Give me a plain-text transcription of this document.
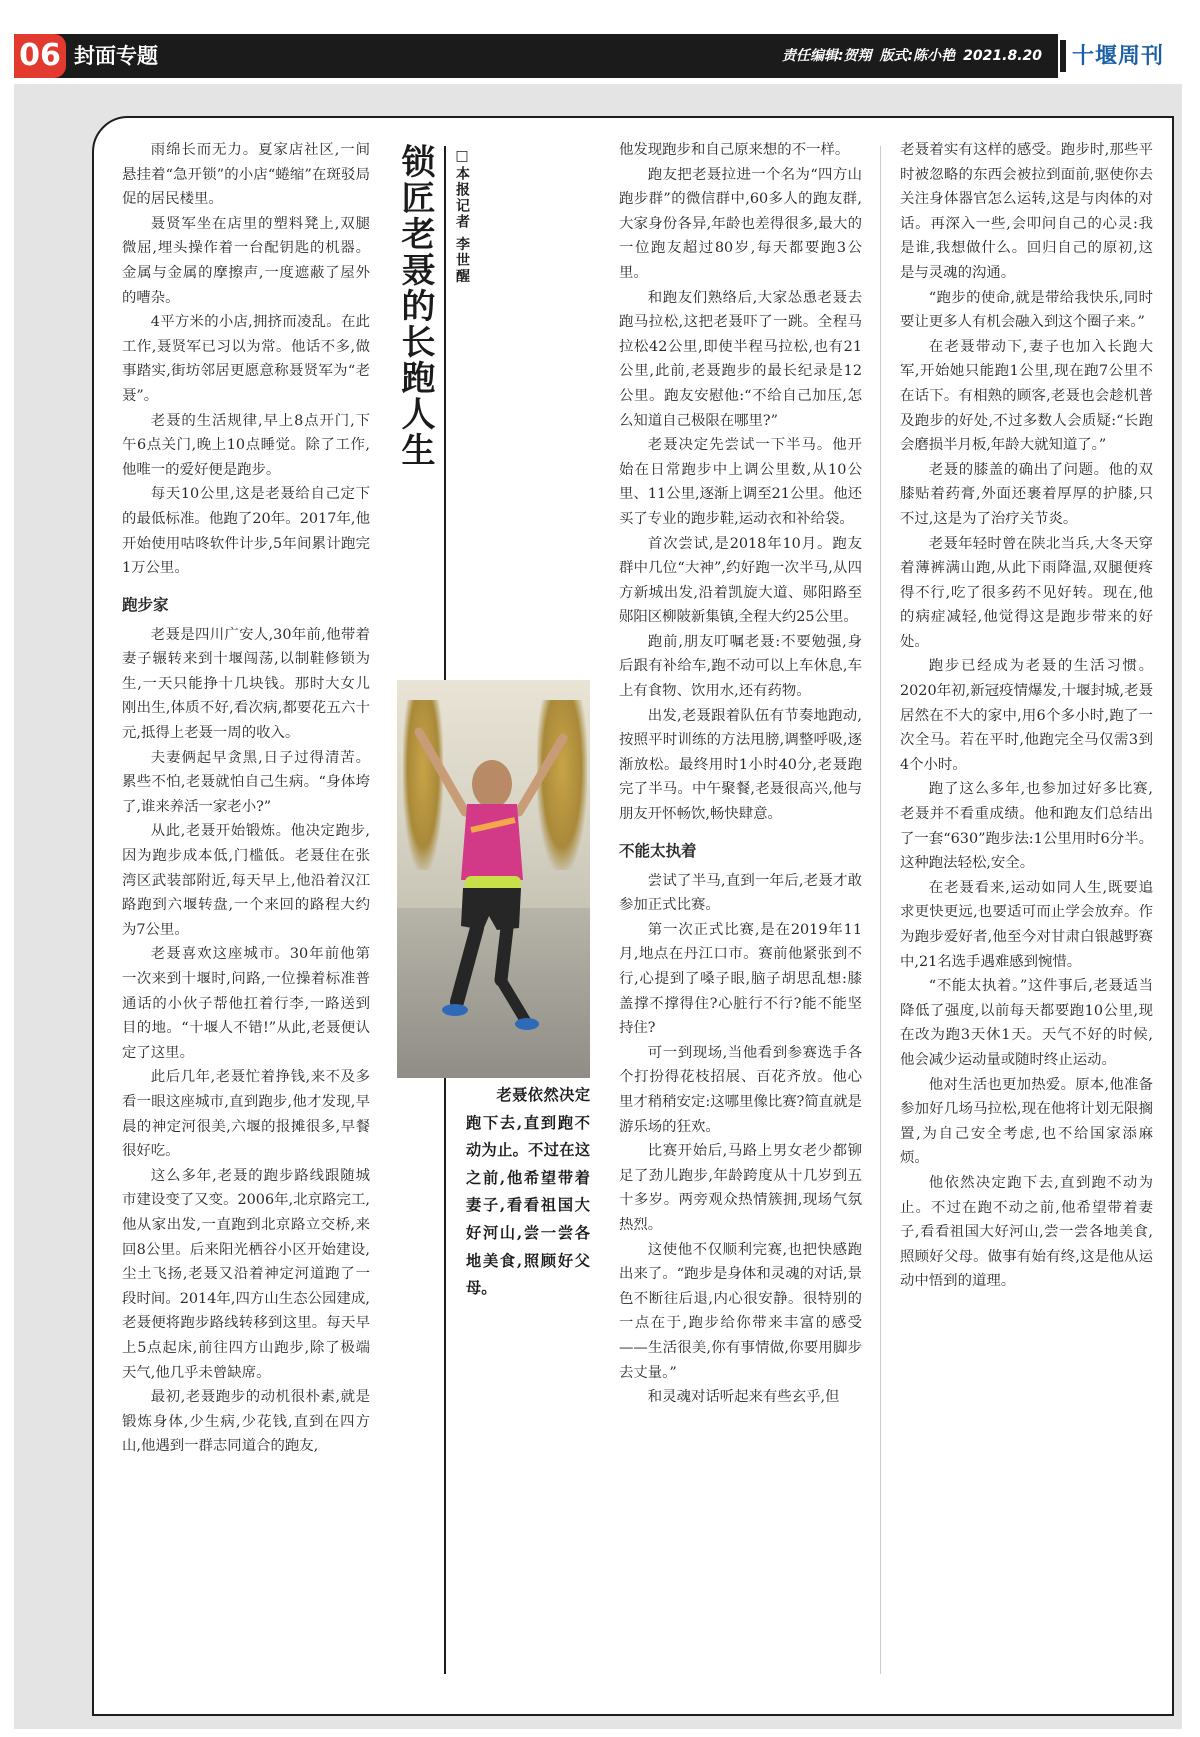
06 封面专题	责任编辑:贺翔 版式:陈小艳 2021.8.20 十堰周刊

雨绵长而无力。夏家店社区,一间悬挂着“急开锁”的小店“蜷缩”在斑驳局促的居民楼里。

聂贤军坐在店里的塑料凳上,双腿微屈,埋头操作着一台配钥匙的机器。金属与金属的摩擦声,一度遮蔽了屋外的嘈杂。

4平方米的小店,拥挤而凌乱。在此工作,聂贤军已习以为常。他话不多,做事踏实,街坊邻居更愿意称聂贤军为“老聂”。

老聂的生活规律,早上8点开门,下午6点关门,晚上10点睡觉。除了工作,他唯一的爱好便是跑步。

每天10公里,这是老聂给自己定下的最低标准。他跑了20年。2017年,他开始使用咕咚软件计步,5年间累计跑完1万公里。

跑步家

老聂是四川广安人,30年前,他带着妻子辗转来到十堰闯荡,以制鞋修锁为生,一天只能挣十几块钱。那时大女儿刚出生,体质不好,看次病,都要花五六十元,抵得上老聂一周的收入。

夫妻俩起早贪黑,日子过得清苦。累些不怕,老聂就怕自己生病。“身体垮了,谁来养活一家老小?”

从此,老聂开始锻炼。他决定跑步,因为跑步成本低,门槛低。老聂住在张湾区武装部附近,每天早上,他沿着汉江路跑到六堰转盘,一个来回的路程大约为7公里。

老聂喜欢这座城市。30年前他第一次来到十堰时,问路,一位操着标准普通话的小伙子帮他扛着行李,一路送到目的地。“十堰人不错!”从此,老聂便认定了这里。

此后几年,老聂忙着挣钱,来不及多看一眼这座城市,直到跑步,他才发现,早晨的神定河很美,六堰的报摊很多,早餐很好吃。

这么多年,老聂的跑步路线跟随城市建设变了又变。2006年,北京路完工,他从家出发,一直跑到北京路立交桥,来回8公里。后来阳光栖谷小区开始建设,尘土飞扬,老聂又沿着神定河道跑了一段时间。2014年,四方山生态公园建成,老聂便将跑步路线转移到这里。每天早上5点起床,前往四方山跑步,除了极端天气,他几乎未曾缺席。

最初,老聂跑步的动机很朴素,就是锻炼身体,少生病,少花钱,直到在四方山,他遇到一群志同道合的跑友,

锁匠老聂的长跑人生	□本报记者 李世醒
老聂依然决定跑下去,直到跑不动为止。不过在这之前,他希望带着妻子,看看祖国大好河山,尝一尝各地美食,照顾好父母。

他发现跑步和自己原来想的不一样。

跑友把老聂拉进一个名为“四方山跑步群”的微信群中,60多人的跑友群,大家身份各异,年龄也差得很多,最大的一位跑友超过80岁,每天都要跑3公里。

和跑友们熟络后,大家怂恿老聂去跑马拉松,这把老聂吓了一跳。全程马拉松42公里,即使半程马拉松,也有21公里,此前,老聂跑步的最长纪录是12公里。跑友安慰他:“不给自己加压,怎么知道自己极限在哪里?”

老聂决定先尝试一下半马。他开始在日常跑步中上调公里数,从10公里、11公里,逐渐上调至21公里。他还买了专业的跑步鞋,运动衣和补给袋。

首次尝试,是2018年10月。跑友群中几位“大神”,约好跑一次半马,从四方新城出发,沿着凯旋大道、郧阳路至郧阳区柳陂新集镇,全程大约25公里。

跑前,朋友叮嘱老聂:不要勉强,身后跟有补给车,跑不动可以上车休息,车上有食物、饮用水,还有药物。

出发,老聂跟着队伍有节奏地跑动,按照平时训练的方法甩膀,调整呼吸,逐渐放松。最终用时1小时40分,老聂跑完了半马。中午聚餐,老聂很高兴,他与朋友开怀畅饮,畅快肆意。

不能太执着

尝试了半马,直到一年后,老聂才敢参加正式比赛。

第一次正式比赛,是在2019年11月,地点在丹江口市。赛前他紧张到不行,心提到了嗓子眼,脑子胡思乱想:膝盖撑不撑得住?心脏行不行?能不能坚持住?

可一到现场,当他看到参赛选手各个打扮得花枝招展、百花齐放。他心里才稍稍安定:这哪里像比赛?简直就是游乐场的狂欢。

比赛开始后,马路上男女老少都铆足了劲儿跑步,年龄跨度从十几岁到五十多岁。两旁观众热情簇拥,现场气氛热烈。

这使他不仅顺利完赛,也把快感跑出来了。“跑步是身体和灵魂的对话,景色不断往后退,内心很安静。很特别的一点在于,跑步给你带来丰富的感受——生活很美,你有事情做,你要用脚步去丈量。”

和灵魂对话听起来有些玄乎,但

老聂着实有这样的感受。跑步时,那些平时被忽略的东西会被拉到面前,驱使你去关注身体器官怎么运转,这是与肉体的对话。再深入一些,会叩问自己的心灵:我是谁,我想做什么。回归自己的原初,这是与灵魂的沟通。

“跑步的使命,就是带给我快乐,同时要让更多人有机会融入到这个圈子来。”

在老聂带动下,妻子也加入长跑大军,开始她只能跑1公里,现在跑7公里不在话下。有相熟的顾客,老聂也会趁机普及跑步的好处,不过多数人会质疑:“长跑会磨损半月板,年龄大就知道了。”

老聂的膝盖的确出了问题。他的双膝贴着药膏,外面还裹着厚厚的护膝,只不过,这是为了治疗关节炎。

老聂年轻时曾在陕北当兵,大冬天穿着薄裤满山跑,从此下雨降温,双腿便疼得不行,吃了很多药不见好转。现在,他的病症减轻,他觉得这是跑步带来的好处。

跑步已经成为老聂的生活习惯。2020年初,新冠疫情爆发,十堰封城,老聂居然在不大的家中,用6个多小时,跑了一次全马。若在平时,他跑完全马仅需3到4个小时。

跑了这么多年,也参加过好多比赛,老聂并不看重成绩。他和跑友们总结出了一套“630”跑步法:1公里用时6分半。这种跑法轻松,安全。

在老聂看来,运动如同人生,既要追求更快更远,也要适可而止学会放弃。作为跑步爱好者,他至今对甘肃白银越野赛中,21名选手遇难感到惋惜。

“不能太执着。”这件事后,老聂适当降低了强度,以前每天都要跑10公里,现在改为跑3天休1天。天气不好的时候,他会减少运动量或随时终止运动。

他对生活也更加热爱。原本,他准备参加好几场马拉松,现在他将计划无限搁置,为自己安全考虑,也不给国家添麻烦。

他依然决定跑下去,直到跑不动为止。不过在跑不动之前,他希望带着妻子,看看祖国大好河山,尝一尝各地美食,照顾好父母。做事有始有终,这是他从运动中悟到的道理。
